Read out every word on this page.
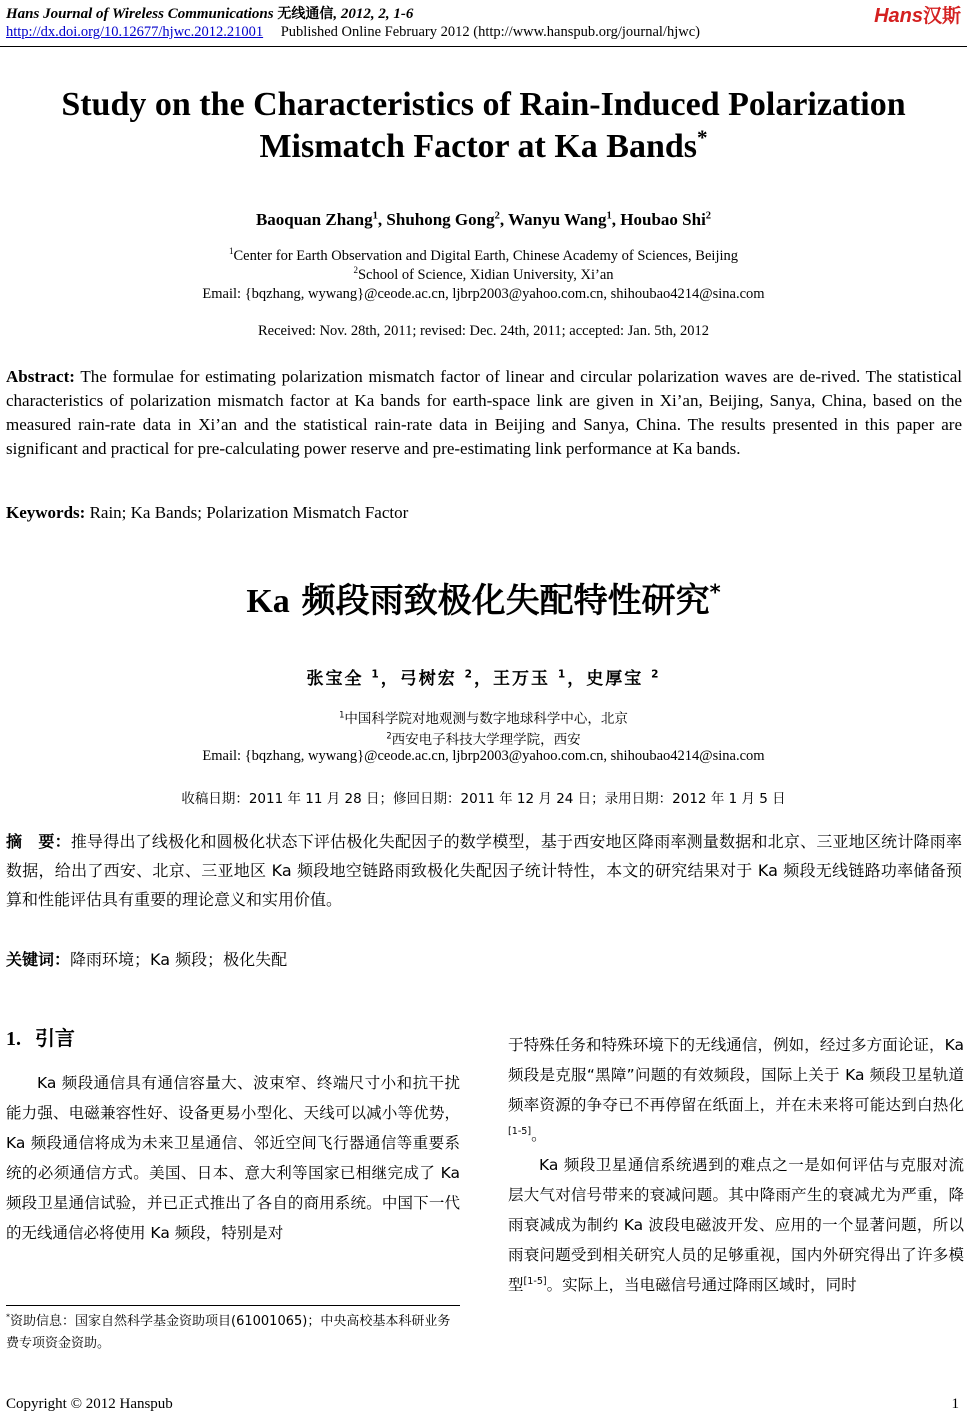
Hans Journal of Wireless Communications 无线通信, 2012, 2, 1-6
http://dx.doi.org/10.12677/hjwc.2012.21001 Published Online February 2012 (http://www.hanspub.org/journal/hjwc)
Hans汉斯
Study on the Characteristics of Rain-Induced Polarization
Mismatch Factor at Ka Bands*
Baoquan Zhang$^1$, Shuhong Gong$^2$, Wanyu Wang$^1$, Houbao Shi$^2$
$^1$Center for Earth Observation and Digital Earth, Chinese Academy of Sciences, Beijing
$^2$School of Science, Xidian University, Xi’an
Email: {bqzhang, wywang}@ceode.ac.cn, ljbrp2003@yahoo.com.cn, shihoubao4214@sina.com
Received: Nov. 28th, 2011; revised: Dec. 24th, 2011; accepted: Jan. 5th, 2012
Abstract: The formulae for estimating polarization mismatch factor of linear and circular polarization waves are de-rived. The statistical characteristics of polarization mismatch factor at Ka bands for earth-space link are given in Xi’an, Beijing, Sanya, China, based on the measured rain-rate data in Xi’an and the statistical rain-rate data in Beijing and Sanya, China. The results presented in this paper are significant and practical for pre-calculating power reserve and pre-estimating link performance at Ka bands.
Keywords: Rain; Ka Bands; Polarization Mismatch Factor
Ka 频段雨致极化失配特性研究*
张宝全 $^1$，弓树宏 $^2$，王万玉 $^1$，史厚宝 $^2$
$^1$中国科学院对地观测与数字地球科学中心，北京
$^2$西安电子科技大学理学院，西安
Email: {bqzhang, wywang}@ceode.ac.cn, ljbrp2003@yahoo.com.cn, shihoubao4214@sina.com
收稿日期：2011 年 11 月 28 日；修回日期：2011 年 12 月 24 日；录用日期：2012 年 1 月 5 日
摘　要：推导得出了线极化和圆极化状态下评估极化失配因子的数学模型，基于西安地区降雨率测量数据和北京、三亚地区统计降雨率数据，给出了西安、北京、三亚地区 Ka 频段地空链路雨致极化失配因子统计特性，本文的研究结果对于 Ka 频段无线链路功率储备预算和性能评估具有重要的理论意义和实用价值。
关键词：降雨环境；Ka 频段；极化失配
1. 引言

Ka 频段通信具有通信容量大、波束窄、终端尺寸小和抗干扰能力强、电磁兼容性好、设备更易小型化、天线可以减小等优势，Ka 频段通信将成为未来卫星通信、邻近空间飞行器通信等重要系统的必须通信方式。美国、日本、意大利等国家已相继完成了 Ka 频段卫星通信试验，并已正式推出了各自的商用系统。中国下一代的无线通信必将使用 Ka 频段，特别是对

*资助信息：国家自然科学基金资助项目(61001065)；中央高校基本科研业务费专项资金资助。

于特殊任务和特殊环境下的无线通信，例如，经过多方面论证，Ka 频段是克服“黑障”问题的有效频段，国际上关于 Ka 频段卫星轨道频率资源的争夺已不再停留在纸面上，并在未来将可能达到白热化[1-5]。

Ka 频段卫星通信系统遇到的难点之一是如何评估与克服对流层大气对信号带来的衰减问题。其中降雨产生的衰减尤为严重，降雨衰减成为制约 Ka 波段电磁波开发、应用的一个显著问题，所以雨衰问题受到相关研究人员的足够重视，国内外研究得出了许多模型[1-5]。实际上，当电磁信号通过降雨区域时，同时

Copyright © 2012 Hanspub	1
